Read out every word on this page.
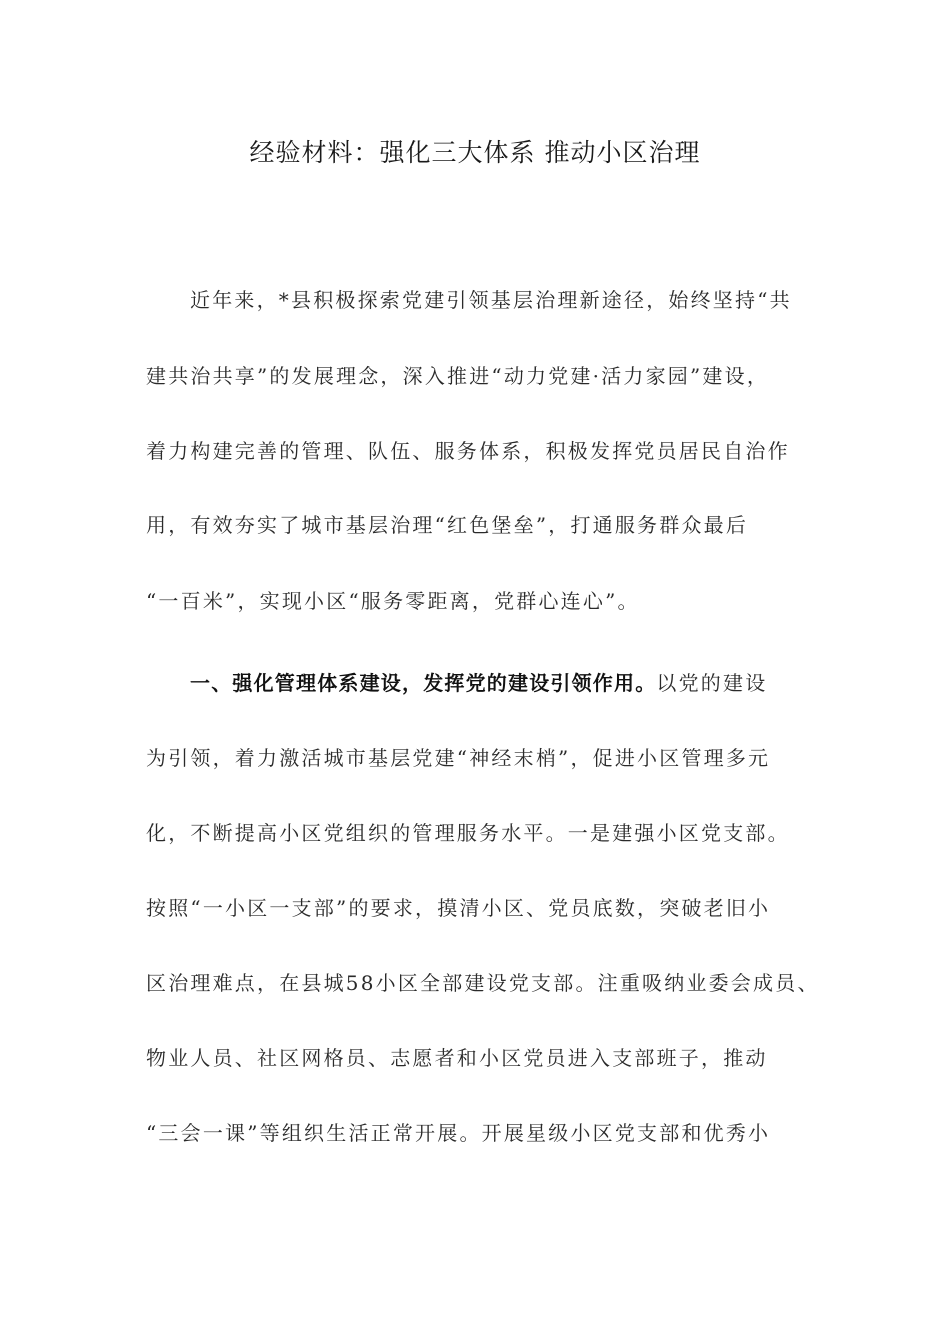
经验材料：强化三大体系 推动小区治理
近年来，*县积极探索党建引领基层治理新途径，始终坚持“共
建共治共享”的发展理念，深入推进“动力党建·活力家园”建设，
着力构建完善的管理、队伍、服务体系，积极发挥党员居民自治作
用，有效夯实了城市基层治理“红色堡垒”，打通服务群众最后
“一百米”，实现小区“服务零距离，党群心连心”。
一、强化管理体系建设，发挥党的建设引领作用。以党的建设
为引领，着力激活城市基层党建“神经末梢”，促进小区管理多元
化，不断提高小区党组织的管理服务水平。一是建强小区党支部。
按照“一小区一支部”的要求，摸清小区、党员底数，突破老旧小
区治理难点，在县城58小区全部建设党支部。注重吸纳业委会成员、
物业人员、社区网格员、志愿者和小区党员进入支部班子，推动
“三会一课”等组织生活正常开展。开展星级小区党支部和优秀小
